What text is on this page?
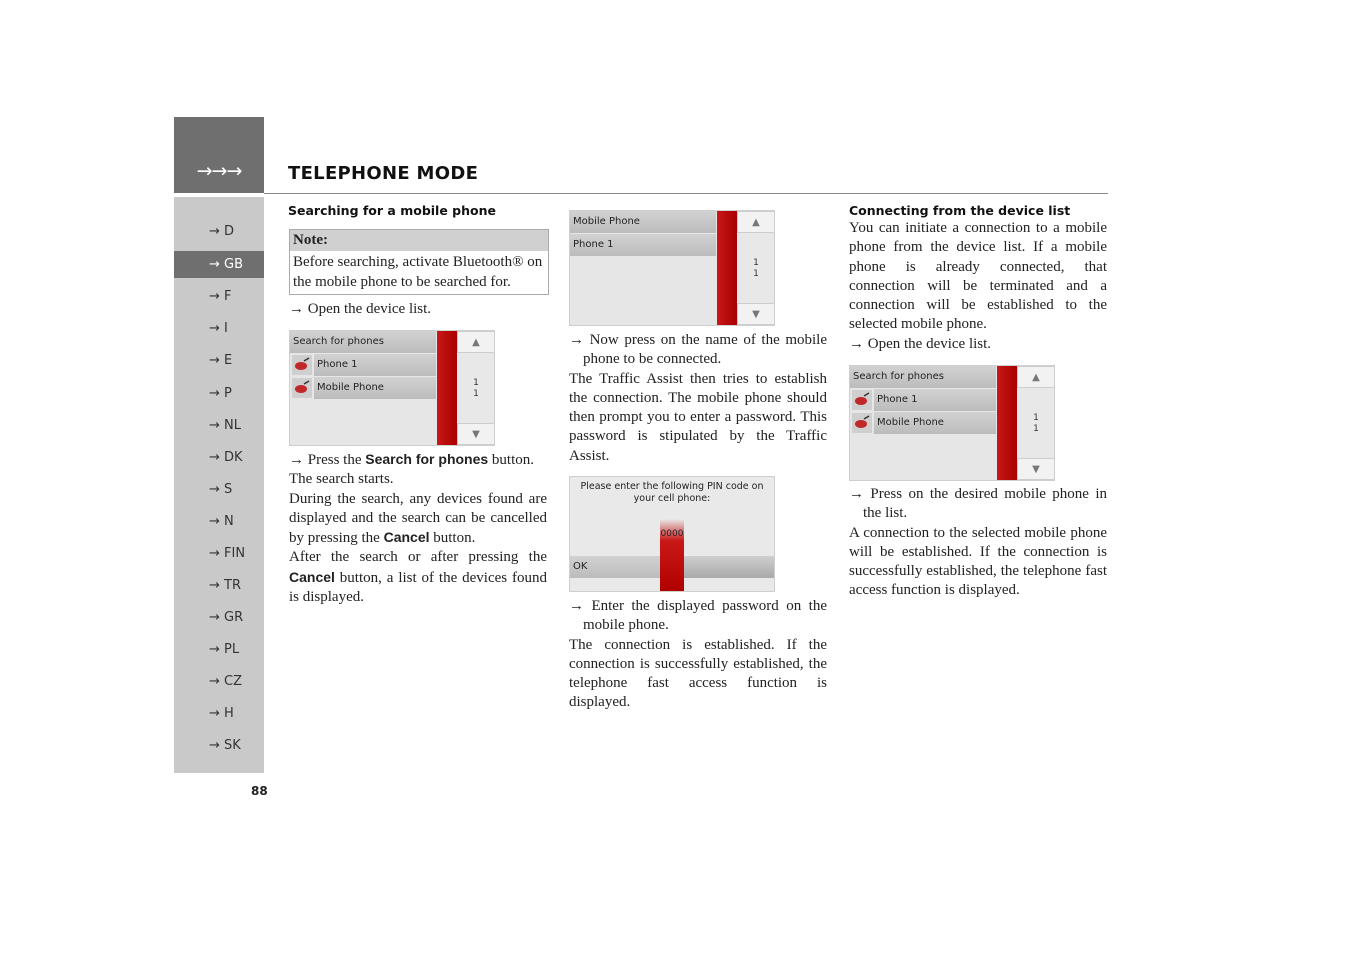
→→→	TELEPHONE MODE
→ D
→ GB
→ F
→ I
→ E
→ P
→ NL
→ DK
→ S
→ N
→ FIN
→ TR
→ GR
→ PL
→ CZ
→ H
→ SK
88
Searching for a mobile phone
Note:
Before searching, activate Bluetooth® on the mobile phone to be searched for.

→ Open the device list.

Search for phones
Phone 1
Mobile Phone
▲
1
1
▼

→ Press the Search for phones button.

The search starts.

During the search, any devices found are displayed and the search can be cancelled by pressing the Cancel button.

After the search or after pressing the Cancel button, a list of the devices found is displayed.

Mobile Phone
Phone 1
▲
1
1
▼

→ Now press on the name of the mobile phone to be connected.

The Traffic Assist then tries to establish the connection. The mobile phone should then prompt you to enter a password. This password is stipulated by the Traffic Assist.

Please enter the following PIN code on your cell phone:
0000
OK

→ Enter the displayed password on the mobile phone.

The connection is established. If the connection is successfully established, the telephone fast access function is displayed.

Connecting from the device list

You can initiate a connection to a mobile phone from the device list. If a mobile phone is already connected, that connection will be terminated and a connection will be established to the selected mobile phone.

→ Open the device list.

Search for phones
Phone 1
Mobile Phone
▲
1
1
▼

→ Press on the desired mobile phone in the list.

A connection to the selected mobile phone will be established. If the connection is successfully established, the telephone fast access function is displayed.
